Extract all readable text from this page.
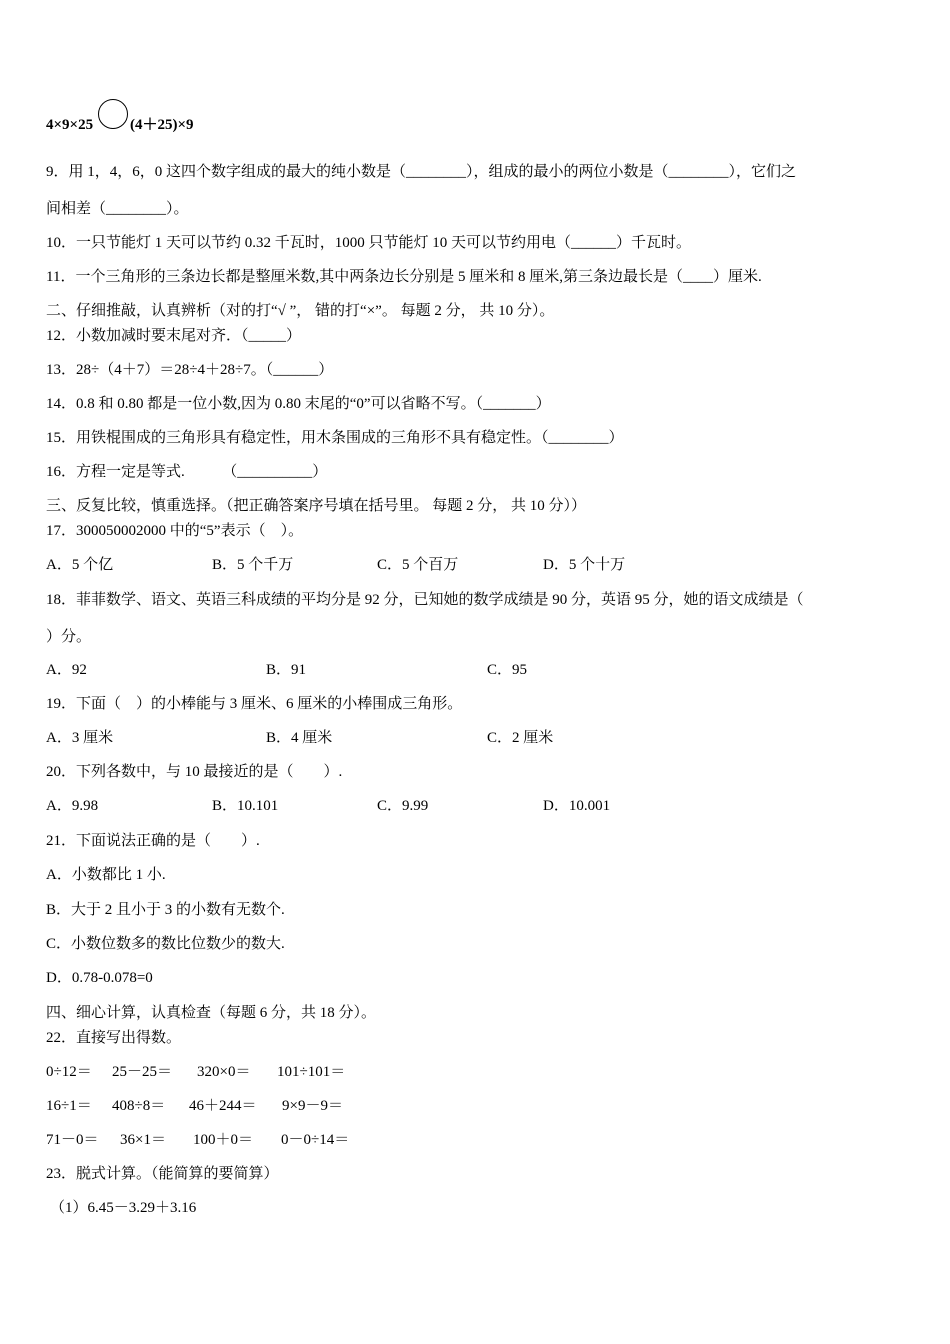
4×9×25 (4＋25)×9
9．用 1，4，6，0 这四个数字组成的最大的纯小数是（________），组成的最小的两位小数是（________），它们之
间相差（________）。
10．一只节能灯 1 天可以节约 0.32 千瓦时，1000 只节能灯 10 天可以节约用电（______）千瓦时。
11．一个三角形的三条边长都是整厘米数,其中两条边长分别是 5 厘米和 8 厘米,第三条边最长是（____）厘米.
二、仔细推敲，认真辨析（对的打“√ ”， 错的打“×”。 每题 2 分， 共 10 分）。
12．小数加减时要末尾对齐．（_____）
13．28÷（4＋7）＝28÷4＋28÷7。（______）
14．0.8 和 0.80 都是一位小数,因为 0.80 末尾的“0”可以省略不写。（_______）
15．用铁棍围成的三角形具有稳定性，用木条围成的三角形不具有稳定性。（________）
16．方程一定是等式.          （__________）
三、反复比较，慎重选择。（把正确答案序号填在括号里。 每题 2 分， 共 10 分））
17．300050002000 中的“5”表示（　）。
A．5 个亿	B．5 个千万	C．5 个百万	D．5 个十万
18．菲菲数学、语文、英语三科成绩的平均分是 92 分，已知她的数学成绩是 90 分，英语 95 分，她的语文成绩是（
）分。
A．92	B．91	C．95
19．下面（　）的小棒能与 3 厘米、6 厘米的小棒围成三角形。
A．3 厘米	B．4 厘米	C．2 厘米
20．下列各数中，与 10 最接近的是（　　）.
A．9.98	B．10.101	C．9.99	D．10.001
21．下面说法正确的是（　　）.
A．小数都比 1 小.
B．大于 2 且小于 3 的小数有无数个.
C．小数位数多的数比位数少的数大.
D．0.78-0.078=0
四、细心计算，认真检查（每题 6 分，共 18 分）。
22．直接写出得数。
0÷12＝ 25－25＝ 320×0＝ 101÷101＝
16÷1＝ 408÷8＝ 46＋244＝ 9×9－9＝
71－0＝ 36×1＝ 100＋0＝ 0－0÷14＝
23．脱式计算。（能简算的要简算）
（1）6.45－3.29＋3.16
